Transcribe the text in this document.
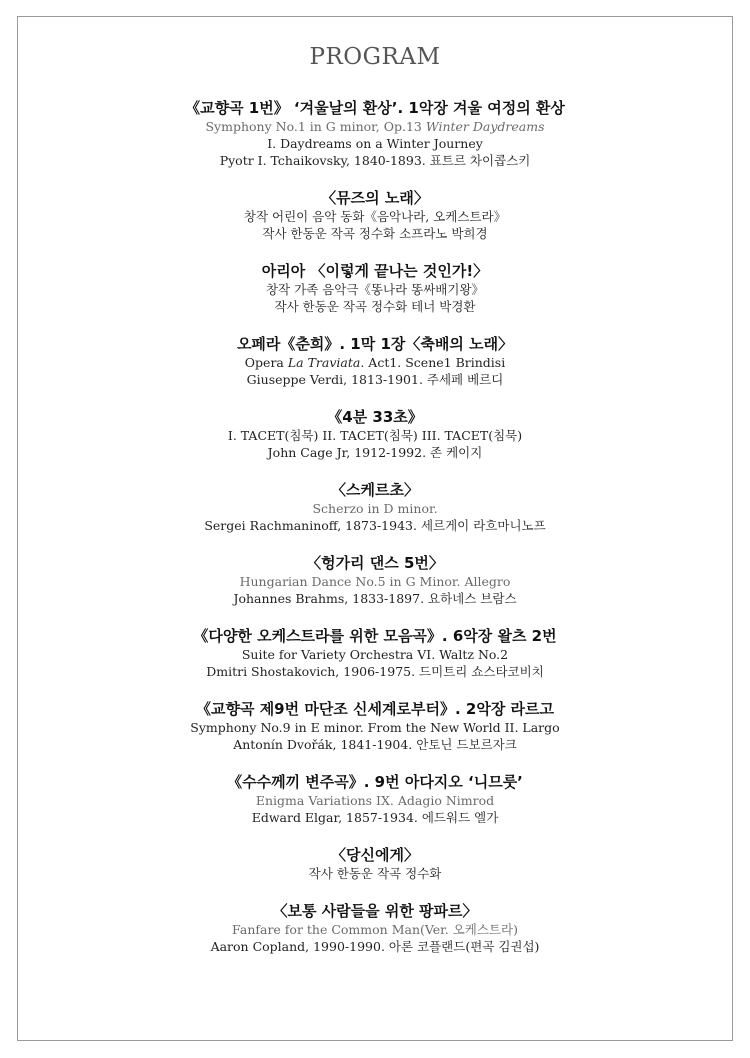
PROGRAM
《교향곡 1번》 ‘겨울날의 환상’. 1악장 겨울 여정의 환상
Symphony No.1 in G minor, Op.13 Winter Daydreams
I. Daydreams on a Winter Journey
Pyotr I. Tchaikovsky, 1840-1893. 표트르 차이콥스키
〈뮤즈의 노래〉
창작 어린이 음악 동화《음악나라, 오케스트라》
작사 한동운 작곡 정수화 소프라노 박희경
아리아 〈이렇게 끝나는 것인가!〉
창작 가족 음악극《똥나라 똥싸배기왕》
작사 한동운 작곡 정수화 테너 박경환
오페라《춘희》. 1막 1장〈축배의 노래〉
Opera La Traviata. Act1. Scene1 Brindisi
Giuseppe Verdi, 1813-1901. 주세페 베르디
《4분 33초》
I. TACET(침묵) II. TACET(침묵) III. TACET(침묵)
John Cage Jr, 1912-1992. 존 케이지
〈스케르초〉
Scherzo in D minor.
Sergei Rachmaninoff, 1873-1943. 세르게이 라흐마니노프
〈헝가리 댄스 5번〉
Hungarian Dance No.5 in G Minor. Allegro
Johannes Brahms, 1833-1897. 요하네스 브람스
《다양한 오케스트라를 위한 모음곡》. 6악장 왈츠 2번
Suite for Variety Orchestra VI. Waltz No.2
Dmitri Shostakovich, 1906-1975. 드미트리 쇼스타코비치
《교향곡 제9번 마단조 신세계로부터》. 2악장 라르고
Symphony No.9 in E minor. From the New World II. Largo
Antonín Dvořák, 1841-1904. 안토닌 드보르자크
《수수께끼 변주곡》. 9번 아다지오 ‘니므룻’
Enigma Variations IX. Adagio Nimrod
Edward Elgar, 1857-1934. 에드워드 엘가
〈당신에게〉
작사 한동운 작곡 정수화
〈보통 사람들을 위한 팡파르〉
Fanfare for the Common Man(Ver. 오케스트라)
Aaron Copland, 1990-1990. 아론 코플랜드(편곡 김권섭)
